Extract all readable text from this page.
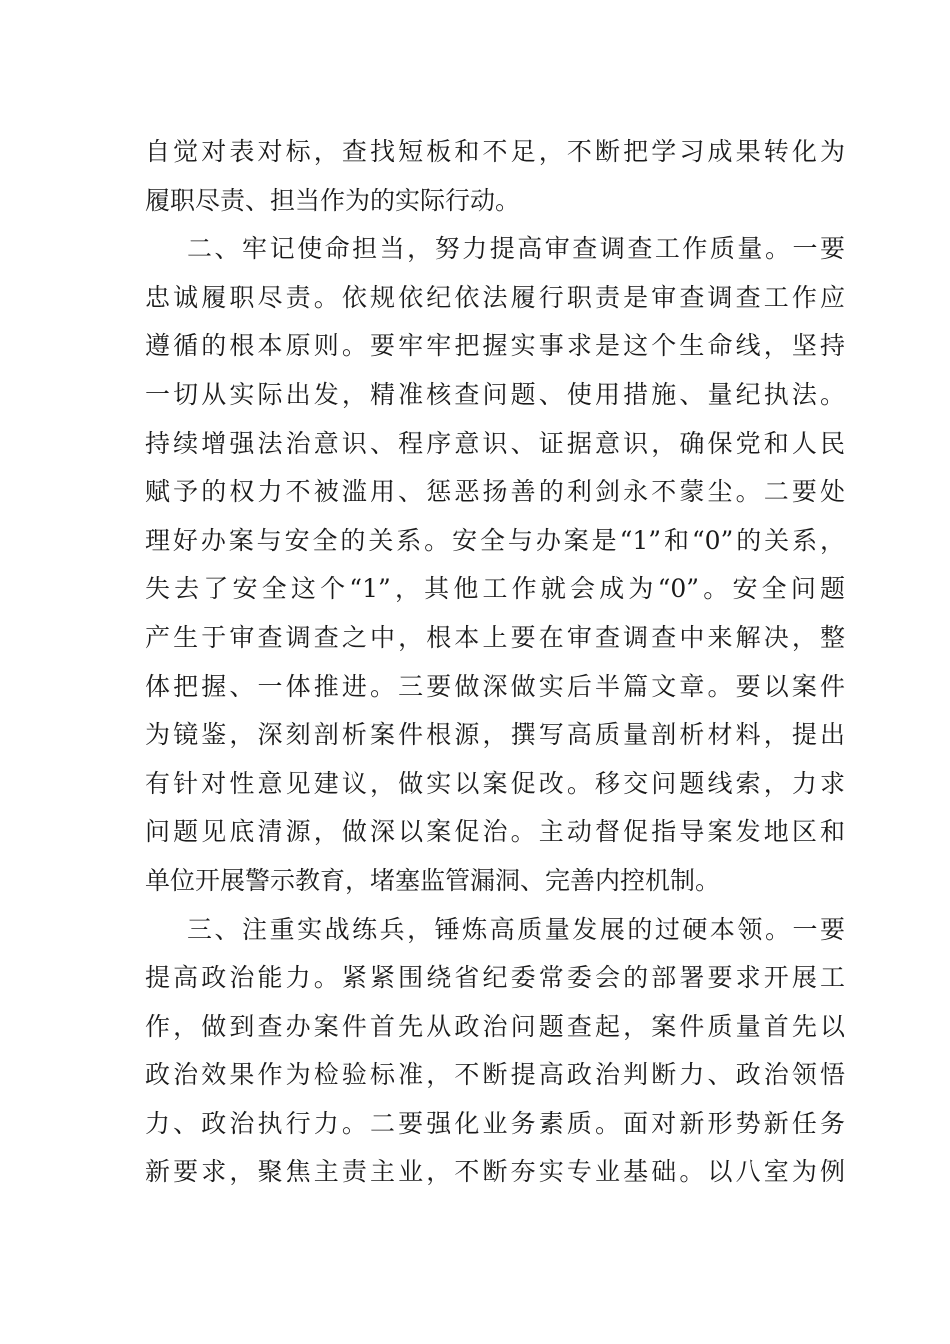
自觉对表对标，查找短板和不足，不断把学习成果转化为
履职尽责、担当作为的实际行动。
二、牢记使命担当，努力提高审查调查工作质量。一要
忠诚履职尽责。依规依纪依法履行职责是审查调查工作应
遵循的根本原则。要牢牢把握实事求是这个生命线，坚持
一切从实际出发，精准核查问题、使用措施、量纪执法。
持续增强法治意识、程序意识、证据意识，确保党和人民
赋予的权力不被滥用、惩恶扬善的利剑永不蒙尘。二要处
理好办案与安全的关系。安全与办案是“1”和“0”的关系，
失去了安全这个“1”，其他工作就会成为“0”。安全问题
产生于审查调查之中，根本上要在审查调查中来解决，整
体把握、一体推进。三要做深做实后半篇文章。要以案件
为镜鉴，深刻剖析案件根源，撰写高质量剖析材料，提出
有针对性意见建议，做实以案促改。移交问题线索，力求
问题见底清源，做深以案促治。主动督促指导案发地区和
单位开展警示教育，堵塞监管漏洞、完善内控机制。
三、注重实战练兵，锤炼高质量发展的过硬本领。一要
提高政治能力。紧紧围绕省纪委常委会的部署要求开展工
作，做到查办案件首先从政治问题查起，案件质量首先以
政治效果作为检验标准，不断提高政治判断力、政治领悟
力、政治执行力。二要强化业务素质。面对新形势新任务
新要求，聚焦主责主业，不断夯实专业基础。以八室为例
